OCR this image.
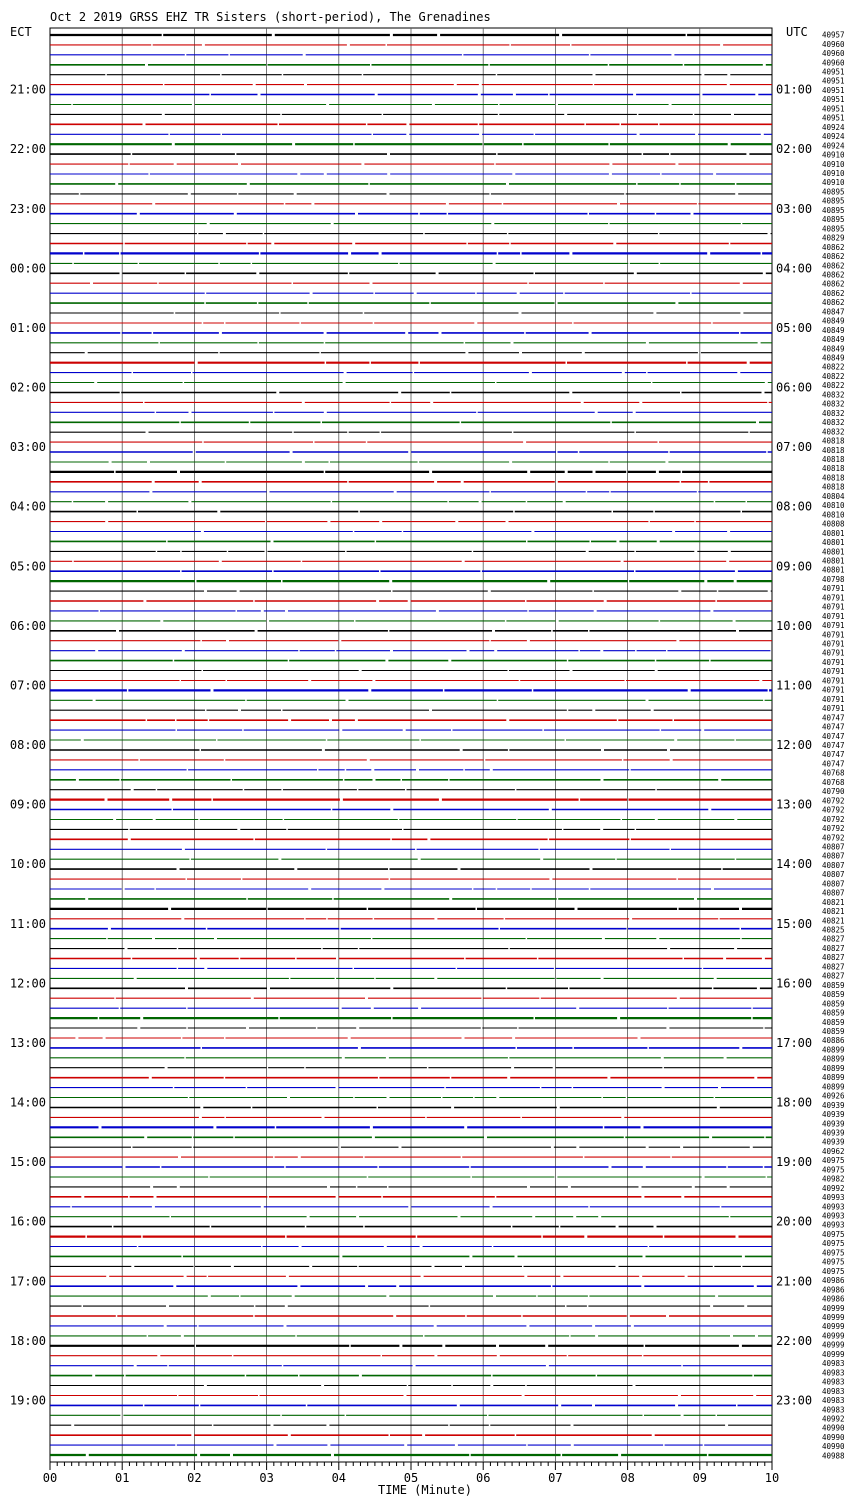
Oct 2 2019 GRSS EHZ TR Sisters (short-period), The Grenadines
ECT	UTC
21:00
22:00
23:00
00:00
01:00
02:00
03:00
04:00
05:00
06:00
07:00
08:00
09:00
10:00
11:00
12:00
13:00
14:00
15:00
16:00
17:00
18:00
19:00
01:00
02:00
03:00
04:00
05:00
06:00
07:00
08:00
09:00
10:00
11:00
12:00
13:00
14:00
15:00
16:00
17:00
18:00
19:00
20:00
21:00
22:00
23:00
40957
40960
40960
40960
40951
40951
40951
40951
40951
40951
40924
40924
40924
40910
40910
40910
40910
40895
40895
40895
40895
40895
40829
40862
40862
40862
40862
40862
40862
40862
40847
40849
40849
40849
40849
40849
40822
40822
40822
40832
40832
40832
40832
40832
40818
40818
40818
40818
40818
40818
40804
40810
40810
40808
40801
40801
40801
40801
40801
40798
40791
40791
40791
40791
40791
40791
40791
40791
40791
40791
40791
40791
40791
40791
40747
40747
40747
40747
40747
40747
40768
40768
40790
40792
40792
40792
40792
40792
40807
40807
40807
40807
40807
40807
40821
40821
40821
40825
40827
40827
40827
40827
40827
40859
40859
40859
40859
40859
40859
40886
40899
40899
40899
40899
40899
40926
40939
40939
40939
40939
40939
40962
40975
40975
40982
40992
40993
40993
40993
40993
40975
40975
40975
40975
40975
40986
40986
40986
40999
40999
40999
40999
40999
40999
40983
40983
40983
40983
40983
40983
40992
40990
40990
40990
40988
00	01	02	03	04	05	06	07	08	09	10
TIME (Minute)
